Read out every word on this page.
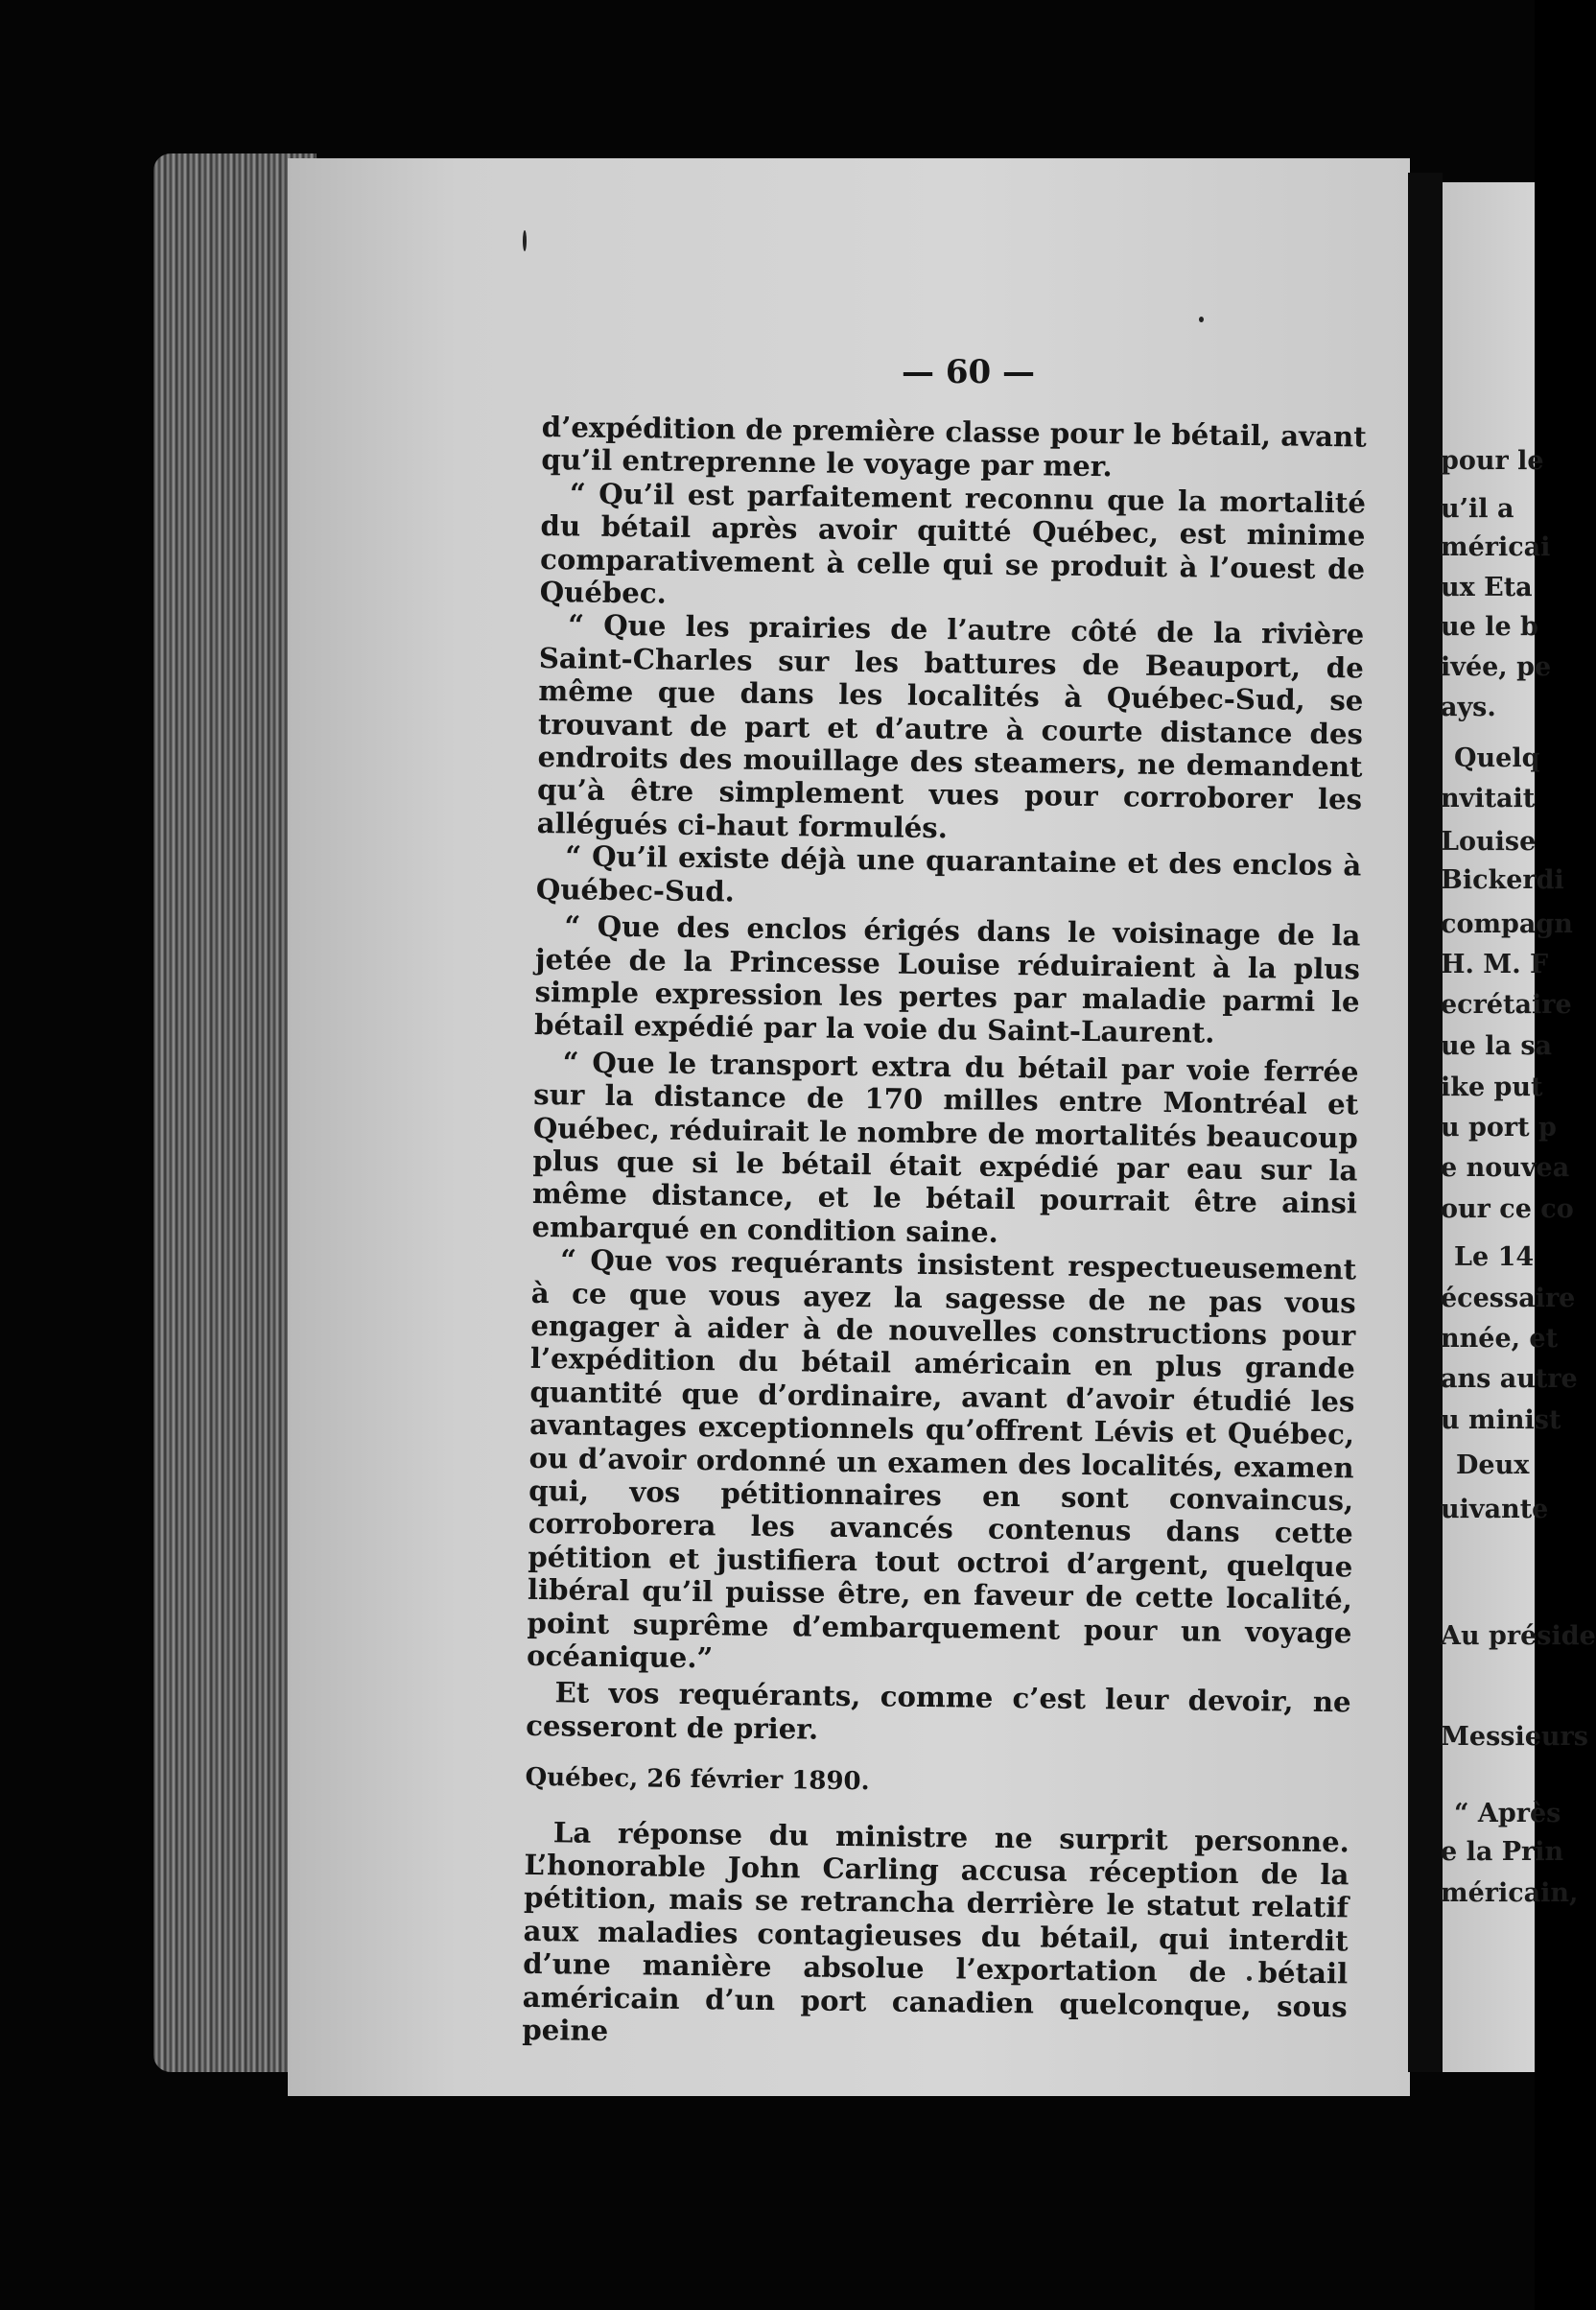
— 60 —

d’expédition de première classe pour le bétail, avant qu’il entreprenne le voyage par mer.

“ Qu’il est parfaitement reconnu que la mortalité du bétail après avoir quitté Québec, est minime comparativement à celle qui se produit à l’ouest de Québec.

“ Que les prairies de l’autre côté de la rivière Saint-Charles sur les battures de Beauport, de même que dans les localités à Québec-Sud, se trouvant de part et d’autre à courte distance des endroits des mouillage des steamers, ne demandent qu’à être simplement vues pour corroborer les allégués ci-haut formulés.

“ Qu’il existe déjà une quarantaine et des enclos à Québec-Sud.

“ Que des enclos érigés dans le voisinage de la jetée de la Princesse Louise réduiraient à la plus simple expression les pertes par maladie parmi le bétail expédié par la voie du Saint-Laurent.

“ Que le transport extra du bétail par voie ferrée sur la distance de 170 milles entre Montréal et Québec, réduirait le nombre de mortalités beaucoup plus que si le bétail était expédié par eau sur la même distance, et le bétail pourrait être ainsi embarqué en condition saine.

“ Que vos requérants insistent respectueusement à ce que vous ayez la sagesse de ne pas vous engager à aider à de nouvelles constructions pour l’expédition du bétail américain en plus grande quantité que d’ordinaire, avant d’avoir étudié les avantages exceptionnels qu’offrent Lévis et Québec, ou d’avoir ordonné un examen des localités, examen qui, vos pétitionnaires en sont convaincus, corroborera les avancés contenus dans cette pétition et justifiera tout octroi d’argent, quelque libéral qu’il puisse être, en faveur de cette localité, point suprême d’embarquement pour un voyage océanique.”

Et vos requérants, comme c’est leur devoir, ne cesseront de prier.

Québec, 26 février 1890.

La réponse du ministre ne surprit personne. L’honorable John Carling accusa réception de la pétition, mais se retrancha derrière le statut relatif aux maladies contagieuses du bétail, qui interdit d’une manière absolue l’exportation de bétail américain d’un port canadien quelconque, sous peine

pour le
u’il a
méricai
ux Eta
ue le b
ivée, pe
ays.
Quelq
nvitait
Louise
Bickerdi
compagn
H. M. F
ecrétaire
ue la sa
ike put
u port p
e nouvea
our ce co
Le 14
écessaire
nnée, et
ans autre
u minist
Deux
uivante
Au préside
Messieurs
“ Après
e la Prin
méricain,
